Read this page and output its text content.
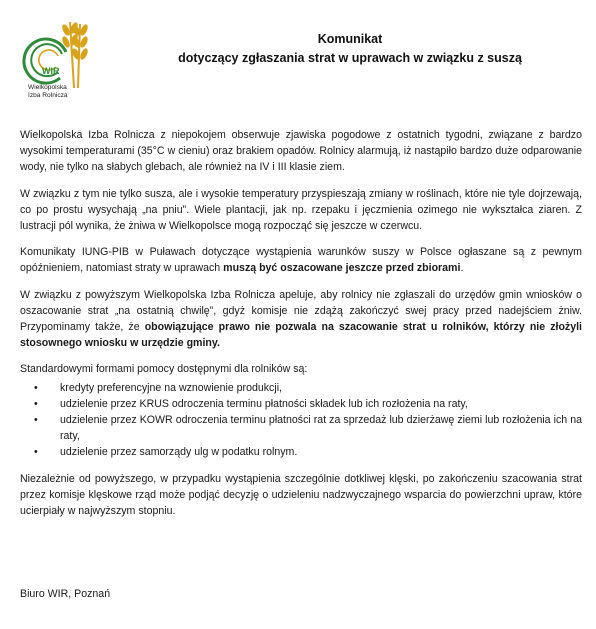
WIR
Wielkopolska
Izba Rolnicza
Komunikat
dotyczący zgłaszania strat w uprawach w związku z suszą

Wielkopolska Izba Rolnicza z niepokojem obserwuje zjawiska pogodowe z ostatnich tygodni, związane z bardzo wysokimi temperaturami (35°C w cieniu) oraz brakiem opadów. Rolnicy alarmują, iż nastąpiło bardzo duże odparowanie wody, nie tylko na słabych glebach, ale również na IV i III klasie ziem.

W związku z tym nie tylko susza, ale i wysokie temperatury przyspieszają zmiany w roślinach, które nie tyle dojrzewają, co po prostu wysychają „na pniu”. Wiele plantacji, jak np. rzepaku i jęczmienia ozimego nie wykształca ziaren. Z lustracji pól wynika, że żniwa w Wielkopolsce mogą rozpocząć się jeszcze w czerwcu.

Komunikaty IUNG-PIB w Puławach dotyczące wystąpienia warunków suszy w Polsce ogłaszane są z pewnym opóźnieniem, natomiast straty w uprawach muszą być oszacowane jeszcze przed zbiorami.

W związku z powyższym Wielkopolska Izba Rolnicza apeluje, aby rolnicy nie zgłaszali do urzędów gmin wniosków o oszacowanie strat „na ostatnią chwilę”, gdyż komisje nie zdążą zakończyć swej pracy przed nadejściem żniw. Przypominamy także, że obowiązujące prawo nie pozwala na szacowanie strat u rolników, którzy nie złożyli stosownego wniosku w urzędzie gminy.

Standardowymi formami pomocy dostępnymi dla rolników są:

• kredyty preferencyjne na wznowienie produkcji,
• udzielenie przez KRUS odroczenia terminu płatności składek lub ich rozłożenia na raty,
• udzielenie przez KOWR odroczenia terminu płatności rat za sprzedaż lub dzierżawę ziemi lub rozłożenia ich na raty,
• udzielenie przez samorządy ulg w podatku rolnym.

Niezależnie od powyższego, w przypadku wystąpienia szczególnie dotkliwej klęski, po zakończeniu szacowania strat przez komisje klęskowe rząd może podjąć decyzję o udzieleniu nadzwyczajnego wsparcia do powierzchni upraw, które ucierpiały w najwyższym stopniu.

Biuro WIR, Poznań
